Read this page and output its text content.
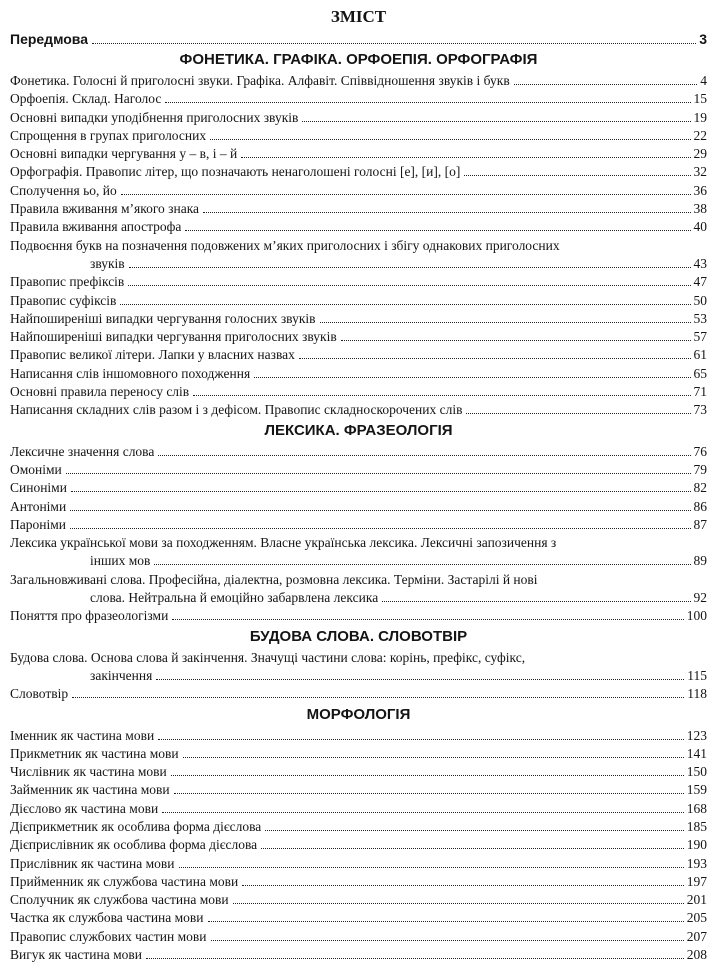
ЗМІСТ
Передмова	3
ФОНЕТИКА. ГРАФІКА. ОРФОЕПІЯ. ОРФОГРАФІЯ
Фонетика. Голосні й приголосні звуки. Графіка. Алфавіт. Співвідношення звуків і букв	4
Орфоепія. Склад. Наголос	15
Основні випадки уподібнення приголосних звуків	19
Спрощення в групах приголосних	22
Основні випадки чергування у – в, і – й	29
Орфографія. Правопис літер, що позначають ненаголошені голосні [е], [и], [о]	32
Сполучення ьо, йо	36
Правила вживання м’якого знака	38
Правила вживання апострофа	40
Подвоєння букв на позначення подовжених м’яких приголосних і збігу однакових приголосних
звуків	43
Правопис префіксів	47
Правопис суфіксів	50
Найпоширеніші випадки чергування голосних звуків	53
Найпоширеніші випадки чергування приголосних звуків	57
Правопис великої літери. Лапки у власних назвах	61
Написання слів іншомовного походження	65
Основні правила переносу слів	71
Написання складних слів разом і з дефісом. Правопис складноскорочених слів	73
ЛЕКСИКА. ФРАЗЕОЛОГІЯ
Лексичне значення слова	76
Омоніми	79
Синоніми	82
Антоніми	86
Пароніми	87
Лексика української мови за походженням. Власне українська лексика. Лексичні запозичення з
інших мов	89
Загальновживані слова. Професійна, діалектна, розмовна лексика. Терміни. Застарілі й нові
слова. Нейтральна й емоційно забарвлена лексика	92
Поняття про фразеологізми	100
БУДОВА СЛОВА. СЛОВОТВІР
Будова слова. Основа слова й закінчення. Значущі частини слова: корінь, префікс, суфікс,
закінчення	115
Словотвір	118
МОРФОЛОГІЯ
Іменник як частина мови	123
Прикметник як частина мови	141
Числівник як частина мови	150
Займенник як частина мови	159
Дієслово як частина мови	168
Дієприкметник як особлива форма дієслова	185
Дієприслівник як особлива форма дієслова	190
Прислівник як частина мови	193
Прийменник як службова частина мови	197
Сполучник як службова частина мови	201
Частка як службова частина мови	205
Правопис службових частин мови	207
Вигук як частина мови	208
